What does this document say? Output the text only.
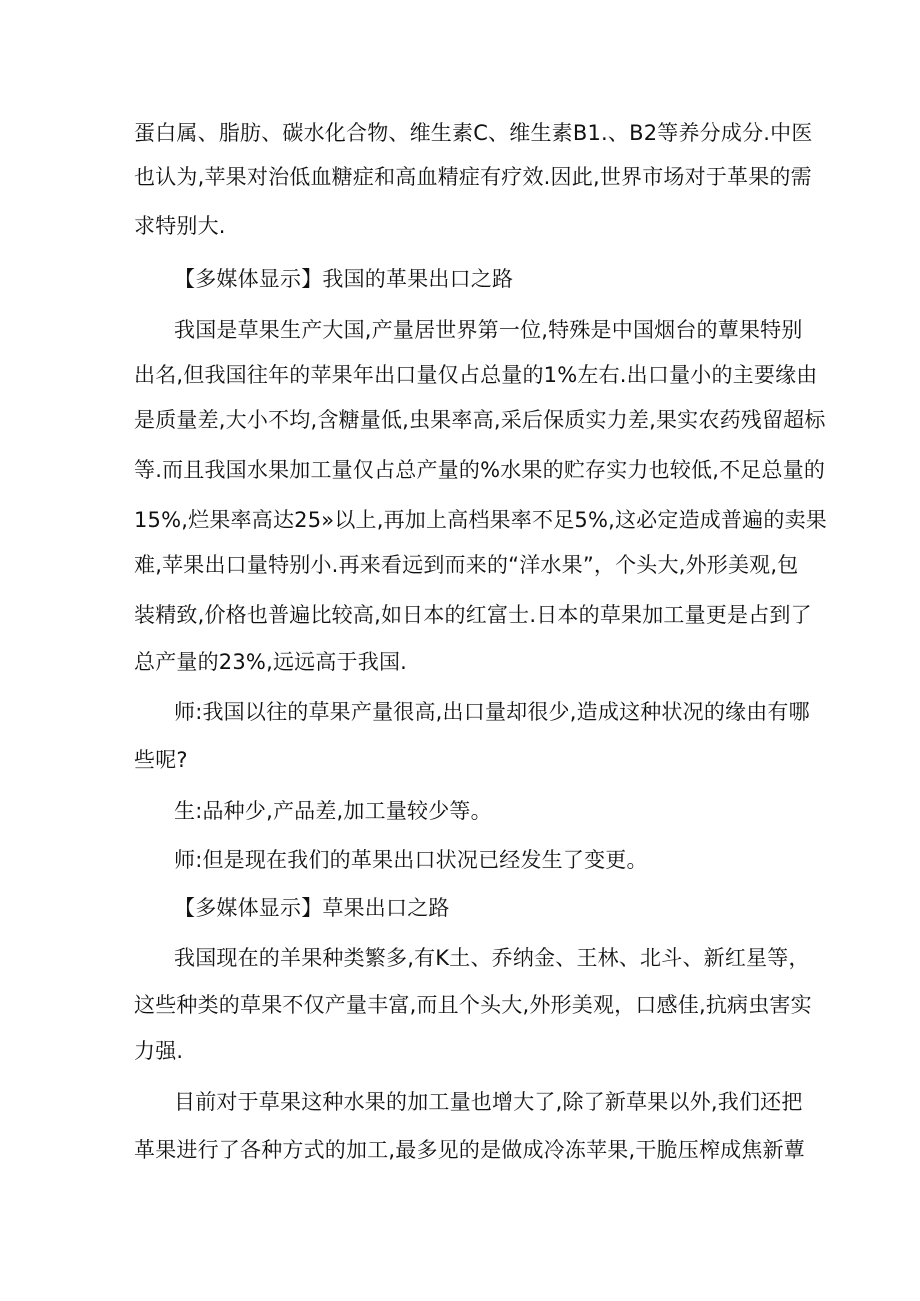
蛋白属、脂肪、碳水化合物、维生素C、维生素B1.、B2等养分成分.中医
也认为,苹果对治低血糖症和高血精症有疗效.因此,世界市场对于革果的需
求特别大.
【多媒体显示】我国的革果出口之路
我国是草果生产大国,产量居世界第一位,特殊是中国烟台的蕈果特别
出名,但我国往年的苹果年出口量仅占总量的1%左右.出口量小的主要缘由
是质量差,大小不均,含糖量低,虫果率高,采后保质实力差,果实农药残留超标
等.而且我国水果加工量仅占总产量的%水果的贮存实力也较低,不足总量的
15%,烂果率高达25»以上,再加上高档果率不足5%,这必定造成普遍的卖果
难,苹果出口量特别小.再来看远到而来的“洋水果”，个头大,外形美观,包
装精致,价格也普遍比较高,如日本的红富士.日本的草果加工量更是占到了
总产量的23%,远远高于我国.
师:我国以往的草果产量很高,出口量却很少,造成这种状况的缘由有哪
些呢?
生:品种少,产品差,加工量较少等。
师:但是现在我们的革果出口状况已经发生了变更。
【多媒体显示】草果出口之路
我国现在的羊果种类繁多,有K土、乔纳金、王林、北斗、新红星等，
这些种类的草果不仅产量丰富,而且个头大,外形美观，口感佳,抗病虫害实
力强.
目前对于草果这种水果的加工量也增大了,除了新草果以外,我们还把
革果进行了各种方式的加工,最多见的是做成冷冻苹果,干脆压榨成焦新蕈
